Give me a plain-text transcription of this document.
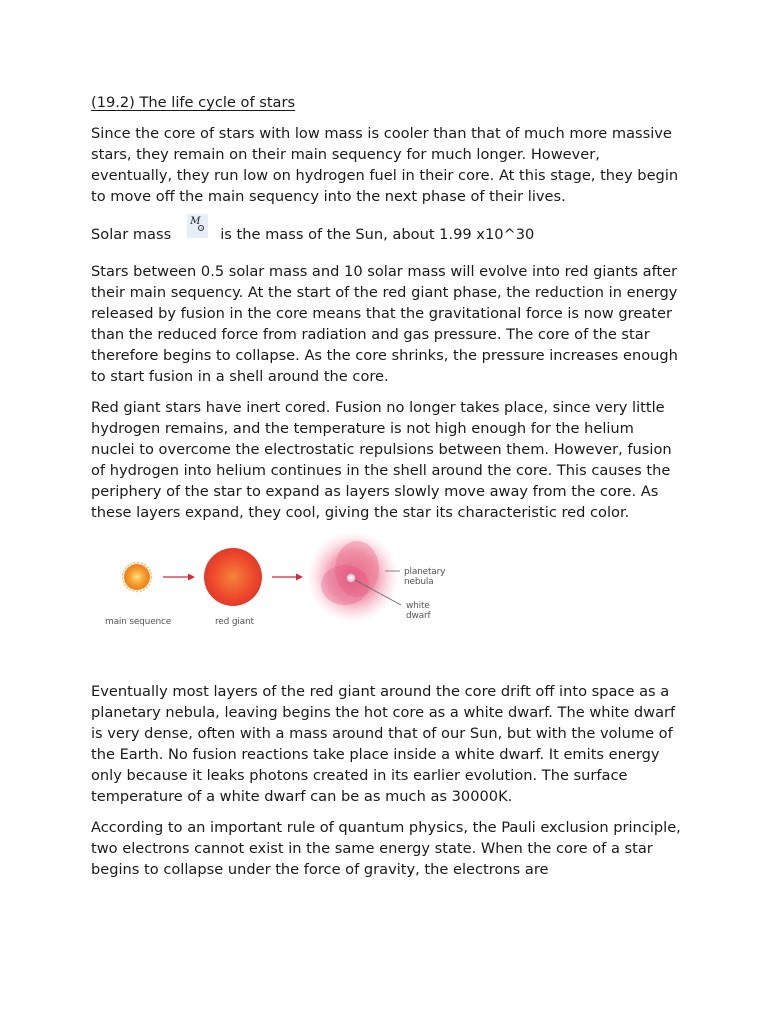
(19.2) The life cycle of stars

Since the core of stars with low mass is cooler than that of much more massive stars, they remain on their main sequency for much longer. However, eventually, they run low on hydrogen fuel in their core. At this stage, they begin to move off the main sequency into the next phase of their lives.

Solar mass
M
is the mass of the Sun, about 1.99 x10^30

Stars between 0.5 solar mass and 10 solar mass will evolve into red giants after their main sequency. At the start of the red giant phase, the reduction in energy released by fusion in the core means that the gravitational force is now greater than the reduced force from radiation and gas pressure. The core of the star therefore begins to collapse. As the core shrinks, the pressure increases enough to start fusion in a shell around the core.

Red giant stars have inert cored. Fusion no longer takes place, since very little hydrogen remains, and the temperature is not high enough for the helium nuclei to overcome the electrostatic repulsions between them. However, fusion of hydrogen into helium continues in the shell around the core. This causes the periphery of the star to expand as layers slowly move away from the core. As these layers expand, they cool, giving the star its characteristic red color.

main sequence	red giant
planetary
nebula
white
dwarf

Eventually most layers of the red giant around the core drift off into space as a planetary nebula, leaving begins the hot core as a white dwarf. The white dwarf is very dense, often with a mass around that of our Sun, but with the volume of the Earth. No fusion reactions take place inside a white dwarf. It emits energy only because it leaks photons created in its earlier evolution. The surface temperature of a white dwarf can be as much as 30000K.

According to an important rule of quantum physics, the Pauli exclusion principle, two electrons cannot exist in the same energy state. When the core of a star begins to collapse under the force of gravity, the electrons are
